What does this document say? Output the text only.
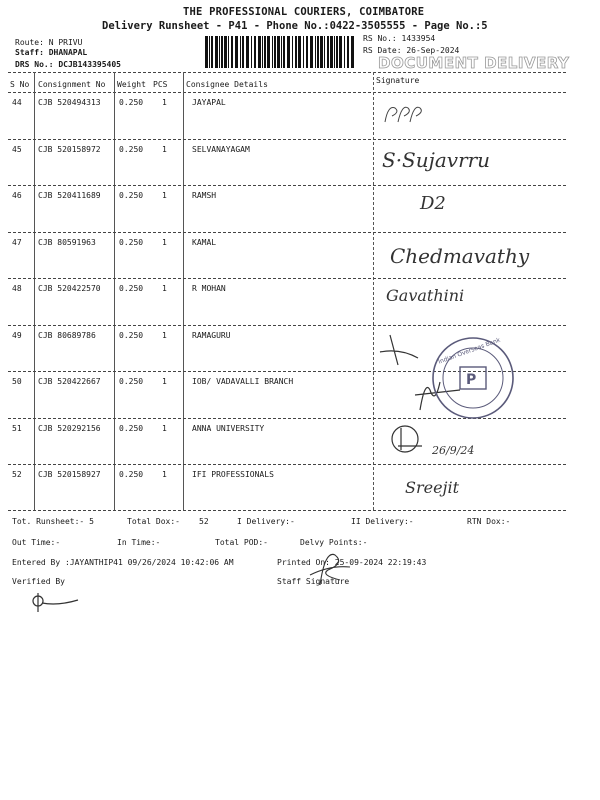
THE PROFESSIONAL COURIERS, COIMBATORE
Delivery Runsheet - P41 - Phone No.:0422-3505555 - Page No.:5
Route: N PRIVU
Staff: DHANAPAL
DRS No.: DCJB143395405
RS No.: 1433954
RS Date: 26-Sep-2024
DOCUMENT DELIVERY
S No Consignment No Weight PCS Consignee Details	Signature
44 CJB 520494313 0.250 1	JAYAPAL
45 CJB 520158972 0.250 1	SELVANAYAGAM
46 CJB 520411689 0.250 1	RAMSH
47 CJB 80591963	0.250 1	KAMAL
48 CJB 520422570 0.250 1	R MOHAN
49 CJB 80689786	0.250 1	RAMAGURU
50 CJB 520422667 0.250 1	IOB/ VADAVALLI BRANCH
51 CJB 520292156 0.250 1	ANNA UNIVERSITY
52 CJB 520158927 0.250 1	IFI PROFESSIONALS
S·Sujavrru
D2
Chedmavathy
Gavathini
26/9/24
Sreejit
P
Indian Overseas Bank
Tot. Runsheet:- 5	Total Dox:- 52	I Delivery:-	II Delivery:-	RTN Dox:-
Out Time:-	In Time:-	Total POD:-	Delvy Points:-
Entered By :JAYANTHIP41 09/26/2024 10:42:06 AM	Printed On: 25-09-2024 22:19:43
Verified By	Staff Signature
